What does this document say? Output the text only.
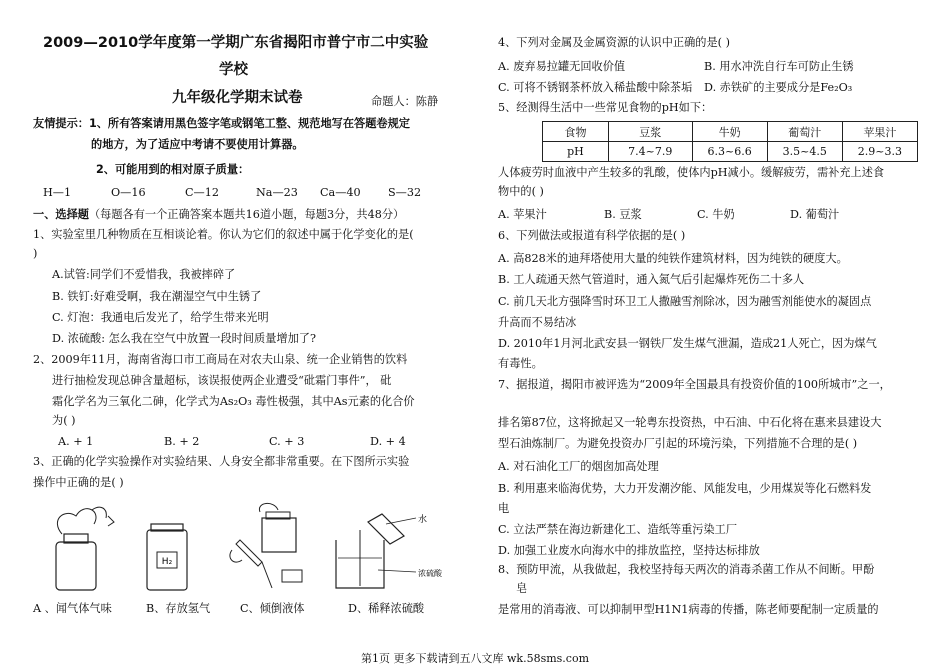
2009—2010学年度第一学期广东省揭阳市普宁市二中实验
学校
九年级化学期末试卷	命题人：陈静
友情提示：1、所有答案请用黑色签字笔或钢笔工整、规范地写在答题卷规定
的地方，为了适应中考请不要使用计算器。
2、可能用到的相对原子质量：
H—1	O—16	C—12	Na—23 Ca—40 S—32
一、选择题（每题各有一个正确答案本题共16道小题，每题3分，共48分）
1、实验室里几种物质在互相谈论着。你认为它们的叙述中属于化学变化的是(
)
A.试管:同学们不爱惜我，我被摔碎了
B. 铁钉:好难受啊，我在潮湿空气中生锈了
C. 灯泡：我通电后发光了，给学生带来光明
D. 浓硫酸: 怎么我在空气中放置一段时间质量增加了?
2、2009年11月，海南省海口市工商局在对农夫山泉、统一企业销售的饮料
进行抽检发现总砷含量超标，该误报使两企业遭受“砒霜门事件”， 砒
霜化学名为三氧化二砷，化学式为As₂O₃ 毒性极强，其中As元素的化合价
为( )
A. + 1	B. + 2	C. + 3	D. + 4
3、正确的化学实验操作对实验结果、人身安全都非常重要。在下图所示实验
操作中正确的是( )
H₂
水
浓硫酸
A 、闻气体气味	B、存放氢气	C、倾倒液体	D、稀释浓硫酸
4、下列对金属及金属资源的认识中正确的是( )
A. 废弃易拉罐无回收价值	B. 用水冲洗自行车可防止生锈
C. 可将不锈钢茶杯放入稀盐酸中除茶垢 D. 赤铁矿的主要成分是Fe₂O₃
5、经测得生活中一些常见食物的pH如下：
食物	豆浆	牛奶	葡萄汁	苹果汁
pH	7.4~7.9	6.3~6.6	3.5~4.5	2.9~3.3
人体疲劳时血液中产生较多的乳酸，使体内pH减小。缓解疲劳，需补充上述食
物中的( )
A. 苹果汁	B. 豆浆	C. 牛奶	D. 葡萄汁
6、下列做法或报道有科学依据的是( )
A. 高828米的迪拜塔使用大量的纯铁作建筑材料，因为纯铁的硬度大。
B. 工人疏通天然气管道时，通入氮气后引起爆炸死伤二十多人
C. 前几天北方强降雪时环卫工人撒融雪剂除冰，因为融雪剂能使水的凝固点
升高而不易结冰
D. 2010年1月河北武安县一钢铁厂发生煤气泄漏，造成21人死亡，因为煤气
有毒性。
7、据报道，揭阳市被评选为“2009年全国最具有投资价值的100所城市”之一，
排名第87位，这将掀起又一轮粤东投资热，中石油、中石化将在惠来县建设大
型石油炼制厂。为避免投资办厂引起的环境污染，下列措施不合理的是( )
A. 对石油化工厂的烟囱加高处理
B. 利用惠来临海优势，大力开发潮汐能、风能发电，少用煤炭等化石燃料发
电
C. 立法严禁在海边新建化工、造纸等重污染工厂
D. 加强工业废水向海水中的排放监控，坚持达标排放
8、预防甲流，从我做起，我校坚持每天两次的消毒杀菌工作从不间断。甲酚
皂
是常用的消毒液、可以抑制甲型H1N1病毒的传播，陈老师要配制一定质量的
第1页 更多下载请到五八文库 wk.58sms.com
